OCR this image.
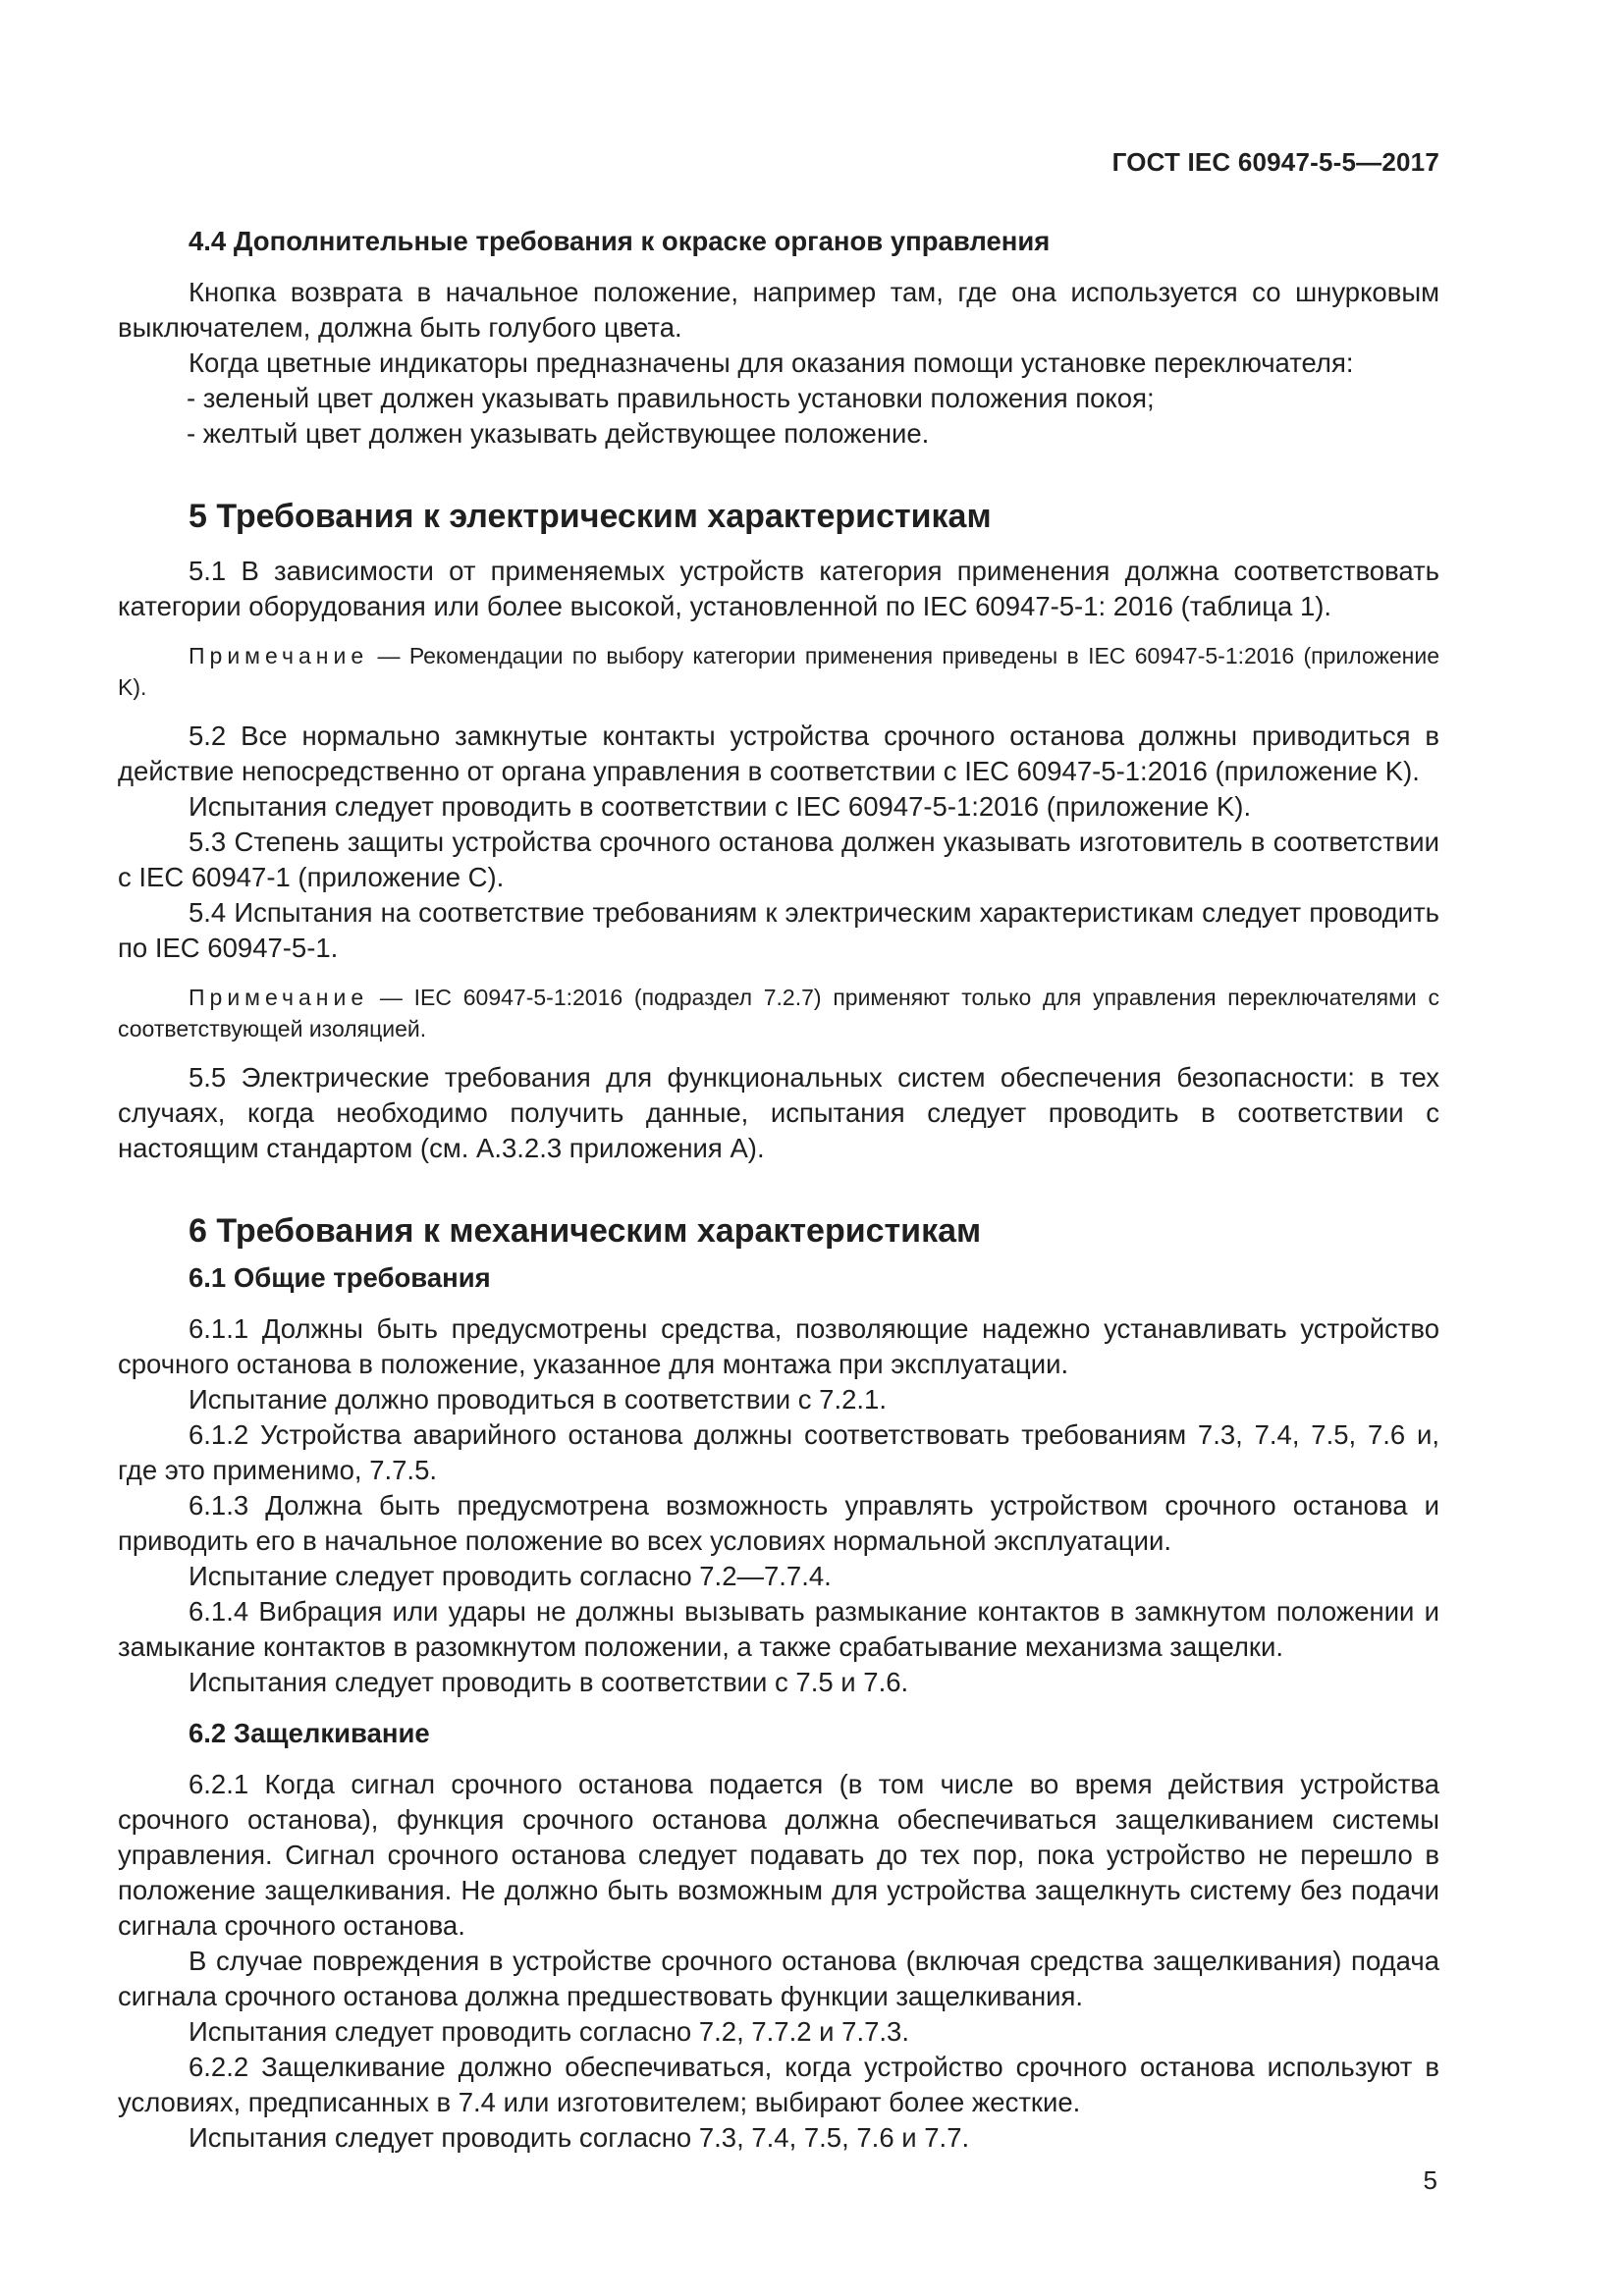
ГОСТ IEC 60947-5-5—2017

4.4 Дополнительные требования к окраске органов управления

Кнопка возврата в начальное положение, например там, где она используется со шнурковым выключателем, должна быть голубого цвета.

Когда цветные индикаторы предназначены для оказания помощи установке переключателя:

- зеленый цвет должен указывать правильность установки положения покоя;

- желтый цвет должен указывать действующее положение.

5 Требования к электрическим характеристикам

5.1 В зависимости от применяемых устройств категория применения должна соответствовать категории оборудования или более высокой, установленной по IEC 60947-5-1: 2016 (таблица 1).

Примечание — Рекомендации по выбору категории применения приведены в IEC 60947-5-1:2016 (приложение K).

5.2 Все нормально замкнутые контакты устройства срочного останова должны приводиться в действие непосредственно от органа управления в соответствии с IEC 60947-5-1:2016 (приложение K).

Испытания следует проводить в соответствии с IEC 60947-5-1:2016 (приложение K).

5.3 Степень защиты устройства срочного останова должен указывать изготовитель в соответствии с IEC 60947-1 (приложение C).

5.4 Испытания на соответствие требованиям к электрическим характеристикам следует проводить по IEC 60947-5-1.

Примечание — IEC 60947-5-1:2016 (подраздел 7.2.7) применяют только для управления переключателями с соответствующей изоляцией.

5.5 Электрические требования для функциональных систем обеспечения безопасности: в тех случаях, когда необходимо получить данные, испытания следует проводить в соответствии с настоящим стандартом (см. A.3.2.3 приложения A).

6 Требования к механическим характеристикам

6.1 Общие требования

6.1.1 Должны быть предусмотрены средства, позволяющие надежно устанавливать устройство срочного останова в положение, указанное для монтажа при эксплуатации.

Испытание должно проводиться в соответствии с 7.2.1.

6.1.2 Устройства аварийного останова должны соответствовать требованиям 7.3, 7.4, 7.5, 7.6 и, где это применимо, 7.7.5.

6.1.3 Должна быть предусмотрена возможность управлять устройством срочного останова и приводить его в начальное положение во всех условиях нормальной эксплуатации.

Испытание следует проводить согласно 7.2—7.7.4.

6.1.4 Вибрация или удары не должны вызывать размыкание контактов в замкнутом положении и замыкание контактов в разомкнутом положении, а также срабатывание механизма защелки.

Испытания следует проводить в соответствии с 7.5 и 7.6.

6.2 Защелкивание

6.2.1 Когда сигнал срочного останова подается (в том числе во время действия устройства срочного останова), функция срочного останова должна обеспечиваться защелкиванием системы управления. Сигнал срочного останова следует подавать до тех пор, пока устройство не перешло в положение защелкивания. Не должно быть возможным для устройства защелкнуть систему без подачи сигнала срочного останова.

В случае повреждения в устройстве срочного останова (включая средства защелкивания) подача сигнала срочного останова должна предшествовать функции защелкивания.

Испытания следует проводить согласно 7.2, 7.7.2 и 7.7.3.

6.2.2 Защелкивание должно обеспечиваться, когда устройство срочного останова используют в условиях, предписанных в 7.4 или изготовителем; выбирают более жесткие.

Испытания следует проводить согласно 7.3, 7.4, 7.5, 7.6 и 7.7.

5
